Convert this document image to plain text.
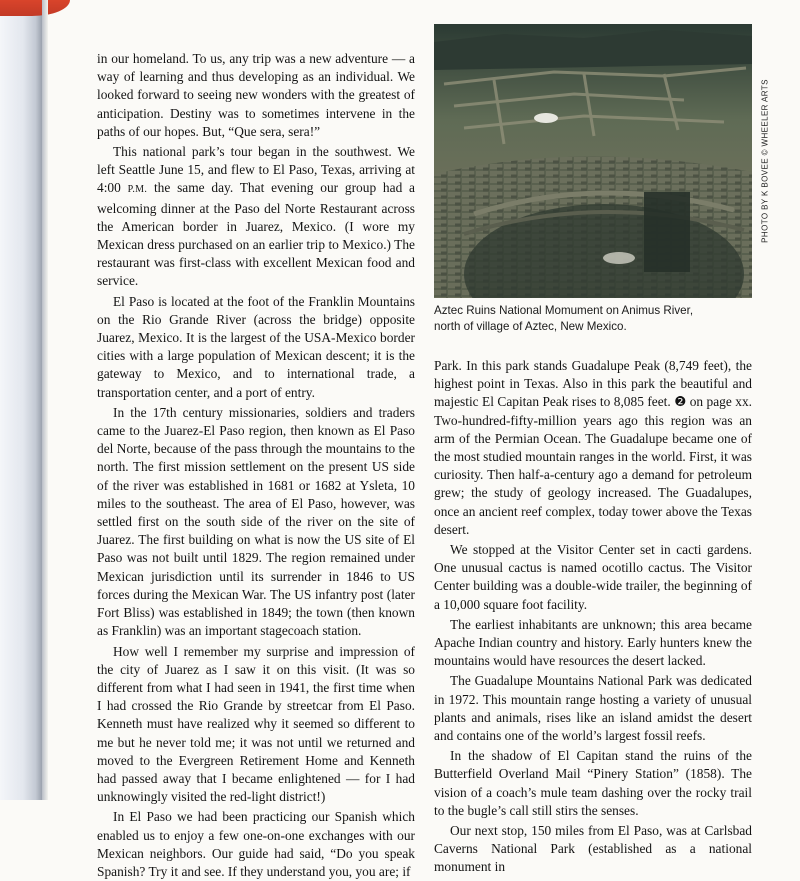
in our homeland. To us, any trip was a new adventure — a way of learning and thus developing as an individual. We looked forward to seeing new wonders with the greatest of anticipation. Destiny was to sometimes intervene in the paths of our hopes. But, “Que sera, sera!”

This national park’s tour began in the southwest. We left Seattle June 15, and flew to El Paso, Texas, arriving at 4:00 P.M. the same day. That evening our group had a welcoming dinner at the Paso del Norte Restaurant across the American border in Juarez, Mexico. (I wore my Mexican dress purchased on an earlier trip to Mexico.) The restaurant was first-class with excellent Mexican food and service.

El Paso is located at the foot of the Franklin Mountains on the Rio Grande River (across the bridge) opposite Juarez, Mexico. It is the largest of the USA-Mexico border cities with a large population of Mexican descent; it is the gateway to Mexico, and to international trade, a transportation center, and a port of entry.

In the 17th century missionaries, soldiers and traders came to the Juarez-El Paso region, then known as El Paso del Norte, because of the pass through the mountains to the north. The first mission settlement on the present US side of the river was established in 1681 or 1682 at Ysleta, 10 miles to the southeast. The area of El Paso, however, was settled first on the south side of the river on the site of Juarez. The first building on what is now the US site of El Paso was not built until 1829. The region remained under Mexican jurisdiction until its surrender in 1846 to US forces during the Mexican War. The US infantry post (later Fort Bliss) was established in 1849; the town (then known as Franklin) was an important stagecoach station.

How well I remember my surprise and impression of the city of Juarez as I saw it on this visit. (It was so different from what I had seen in 1941, the first time when I had crossed the Rio Grande by streetcar from El Paso. Kenneth must have realized why it seemed so different to me but he never told me; it was not until we returned and moved to the Evergreen Retirement Home and Kenneth had passed away that I became enlightened — for I had unknowingly visited the red-light district!)

In El Paso we had been practicing our Spanish which enabled us to enjoy a few one-on-one exchanges with our Mexican neighbors. Our guide had said, “Do you speak Spanish? Try it and see. If they understand you, you are; if

PHOTO BY K BOVEE © WHEELER ARTS
Aztec Ruins National Momument on Animus River,
north of village of Aztec, New Mexico.

Park. In this park stands Guadalupe Peak (8,749 feet), the highest point in Texas. Also in this park the beautiful and majestic El Capitan Peak rises to 8,085 feet. ❷ on page xx. Two-hundred-fifty-million years ago this region was an arm of the Permian Ocean. The Guadalupe became one of the most studied mountain ranges in the world. First, it was curiosity. Then half-a-century ago a demand for petroleum grew; the study of geology increased. The Guadalupes, once an ancient reef complex, today tower above the Texas desert.

We stopped at the Visitor Center set in cacti gardens. One unusual cactus is named ocotillo cactus. The Visitor Center building was a double-wide trailer, the beginning of a 10,000 square foot facility.

The earliest inhabitants are unknown; this area became Apache Indian country and history. Early hunters knew the mountains would have resources the desert lacked.

The Guadalupe Mountains National Park was dedicated in 1972. This mountain range hosting a variety of unusual plants and animals, rises like an island amidst the desert and contains one of the world’s largest fossil reefs.

In the shadow of El Capitan stand the ruins of the Butterfield Overland Mail “Pinery Station” (1858). The vision of a coach’s mule team dashing over the rocky trail to the bugle’s call still stirs the senses.

Our next stop, 150 miles from El Paso, was at Carlsbad Caverns National Park (established as a national monument in
